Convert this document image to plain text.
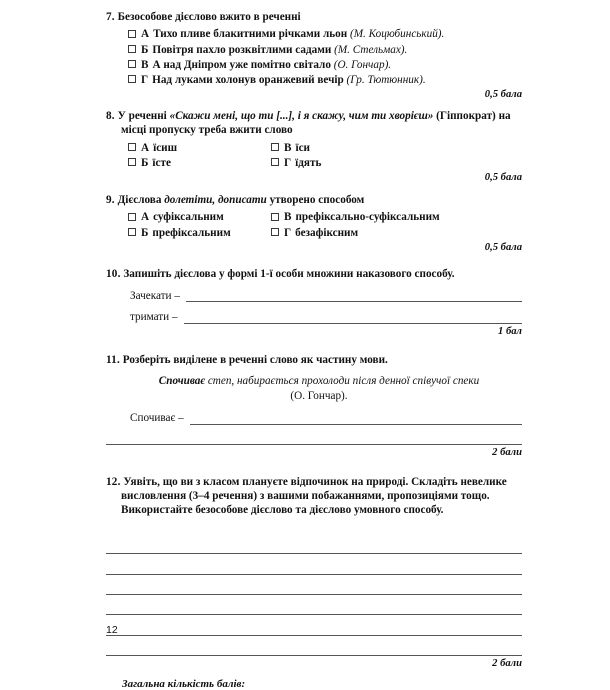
7. Безособове дієслово вжито в реченні

А Тихо пливе блакитними річками льон
(М. Коцюбинський).
Б Повітря пахло розквітлими садами
(М. Стельмах).
В А над Дніпром уже помітно світало
(О. Гончар).
Г Над луками холонув оранжевий вечір
(Гр. Тютюнник).
0,5 бала

8. У реченні «Скажи мені, що ти [...], і я скажу, чим ти хворієш» (Гіппократ) на місці пропуску треба вжити слово

А їсиш	В їси
Б їсте	Г їдять
0,5 бала

9. Дієслова долетіти, дописати утворено способом

А суфіксальним	В префіксально-суфіксальним
Б префіксальним	Г безафіксним
0,5 бала

10. Запишіть дієслова у формі 1-ї особи множини наказового способу.

Зачекати –
тримати –
1 бал

11. Розберіть виділене в реченні слово як частину мови.

Спочиває степ, набирається прохолоди після денної співучої спеки
(О. Гончар).
Спочиває –
2 бали

12. Уявіть, що ви з класом плануєте відпочинок на природі. Складіть невелике висловлення (3–4 речення) з вашими побажаннями, пропозиціями тощо. Використайте безособове дієслово та дієслово умовного способу.

2 бали
Загальна кількість балів:
12
